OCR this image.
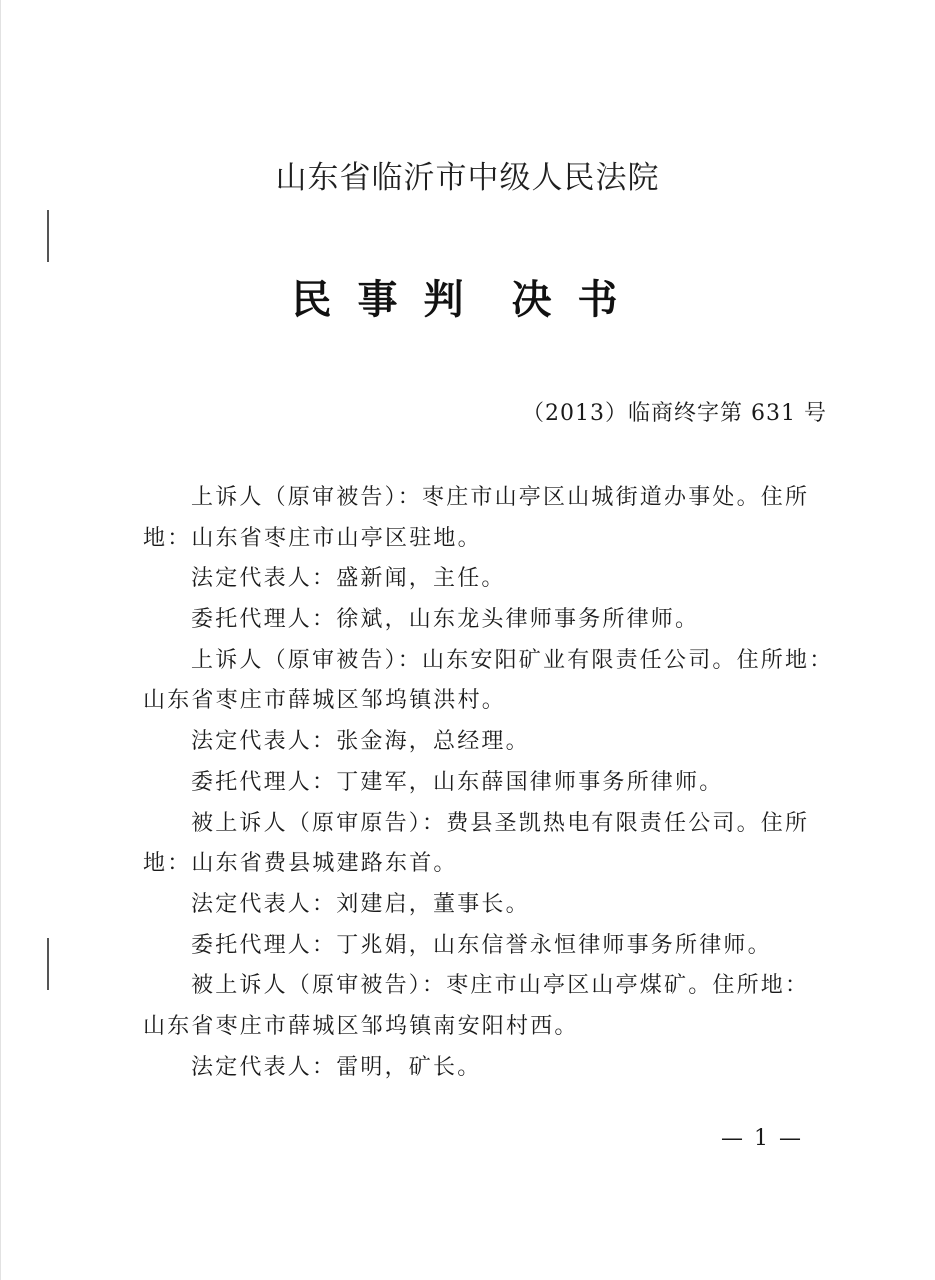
山东省临沂市中级人民法院
民事判 决书
（2013）临商终字第 631 号
上诉人（原审被告）：枣庄市山亭区山城街道办事处。住所
地：山东省枣庄市山亭区驻地。
法定代表人：盛新闻，主任。
委托代理人：徐斌，山东龙头律师事务所律师。
上诉人（原审被告）：山东安阳矿业有限责任公司。住所地：
山东省枣庄市薛城区邹坞镇洪村。
法定代表人：张金海，总经理。
委托代理人：丁建军，山东薛国律师事务所律师。
被上诉人（原审原告）：费县圣凯热电有限责任公司。住所
地：山东省费县城建路东首。
法定代表人：刘建启，董事长。
委托代理人：丁兆娟，山东信誉永恒律师事务所律师。
被上诉人（原审被告）：枣庄市山亭区山亭煤矿。住所地：
山东省枣庄市薛城区邹坞镇南安阳村西。
法定代表人：雷明，矿长。
— 1 —
